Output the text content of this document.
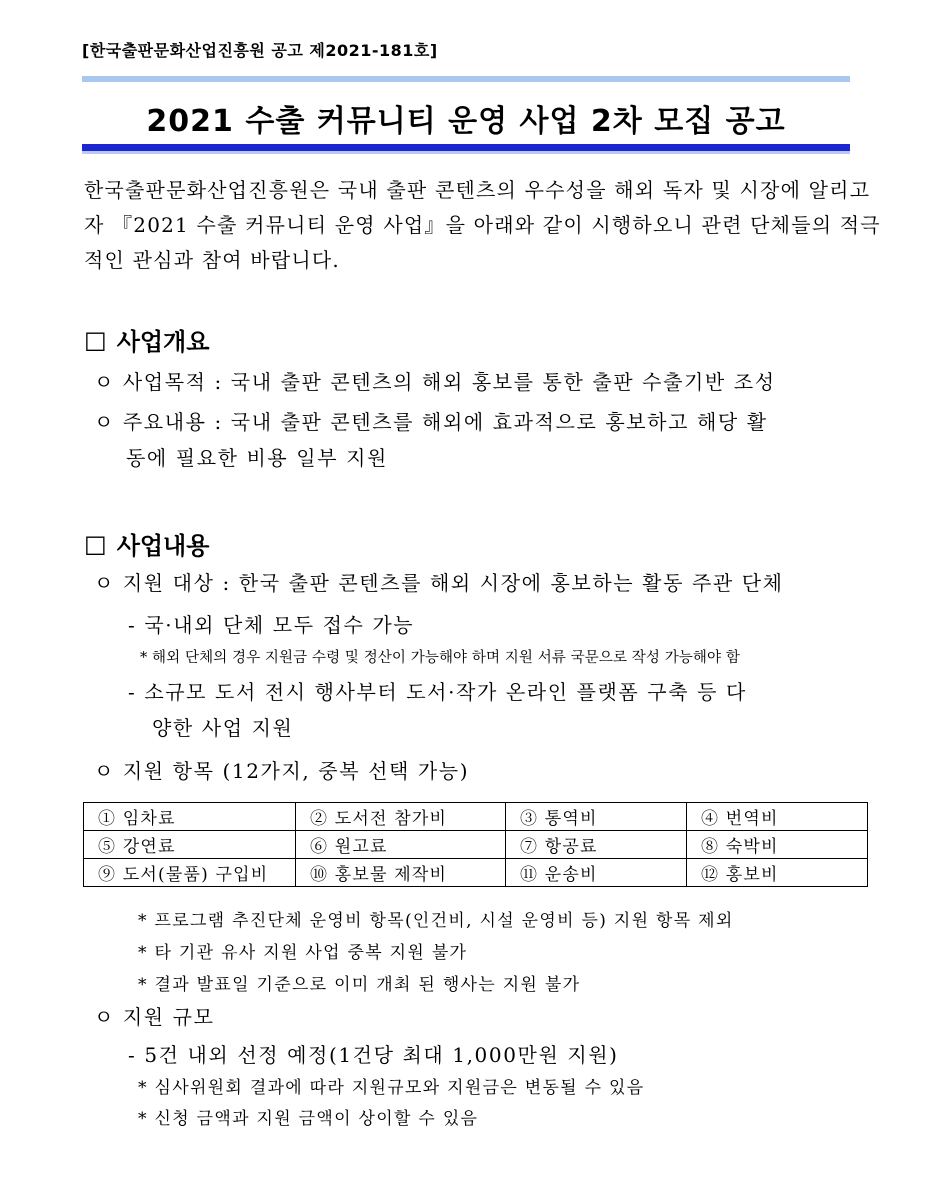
[한국출판문화산업진흥원 공고 제2021-181호]
2021 수출 커뮤니티 운영 사업 2차 모집 공고
한국출판문화산업진흥원은 국내 출판 콘텐츠의 우수성을 해외 독자 및 시장에 알리고
자 『2021 수출 커뮤니티 운영 사업』을 아래와 같이 시행하오니 관련 단체들의 적극
적인 관심과 참여 바랍니다.
□ 사업개요
ㅇ 사업목적 : 국내 출판 콘텐츠의 해외 홍보를 통한 출판 수출기반 조성
ㅇ 주요내용 : 국내 출판 콘텐츠를 해외에 효과적으로 홍보하고 해당 활
동에 필요한 비용 일부 지원
□ 사업내용
ㅇ 지원 대상 : 한국 출판 콘텐츠를 해외 시장에 홍보하는 활동 주관 단체
- 국·내외 단체 모두 접수 가능
* 해외 단체의 경우 지원금 수령 및 정산이 가능해야 하며 지원 서류 국문으로 작성 가능해야 함
- 소규모 도서 전시 행사부터 도서·작가 온라인 플랫폼 구축 등 다
양한 사업 지원
ㅇ 지원 항목 (12가지, 중복 선택 가능)
① 임차료	② 도서전 참가비	③ 통역비	④ 번역비
⑤ 강연료	⑥ 원고료	⑦ 항공료	⑧ 숙박비
⑨ 도서(물품) 구입비	⑩ 홍보물 제작비	⑪ 운송비	⑫ 홍보비
* 프로그램 추진단체 운영비 항목(인건비, 시설 운영비 등) 지원 항목 제외
* 타 기관 유사 지원 사업 중복 지원 불가
* 결과 발표일 기준으로 이미 개최 된 행사는 지원 불가
ㅇ 지원 규모
- 5건 내외 선정 예정(1건당 최대 1,000만원 지원)
* 심사위원회 결과에 따라 지원규모와 지원금은 변동될 수 있음
* 신청 금액과 지원 금액이 상이할 수 있음
